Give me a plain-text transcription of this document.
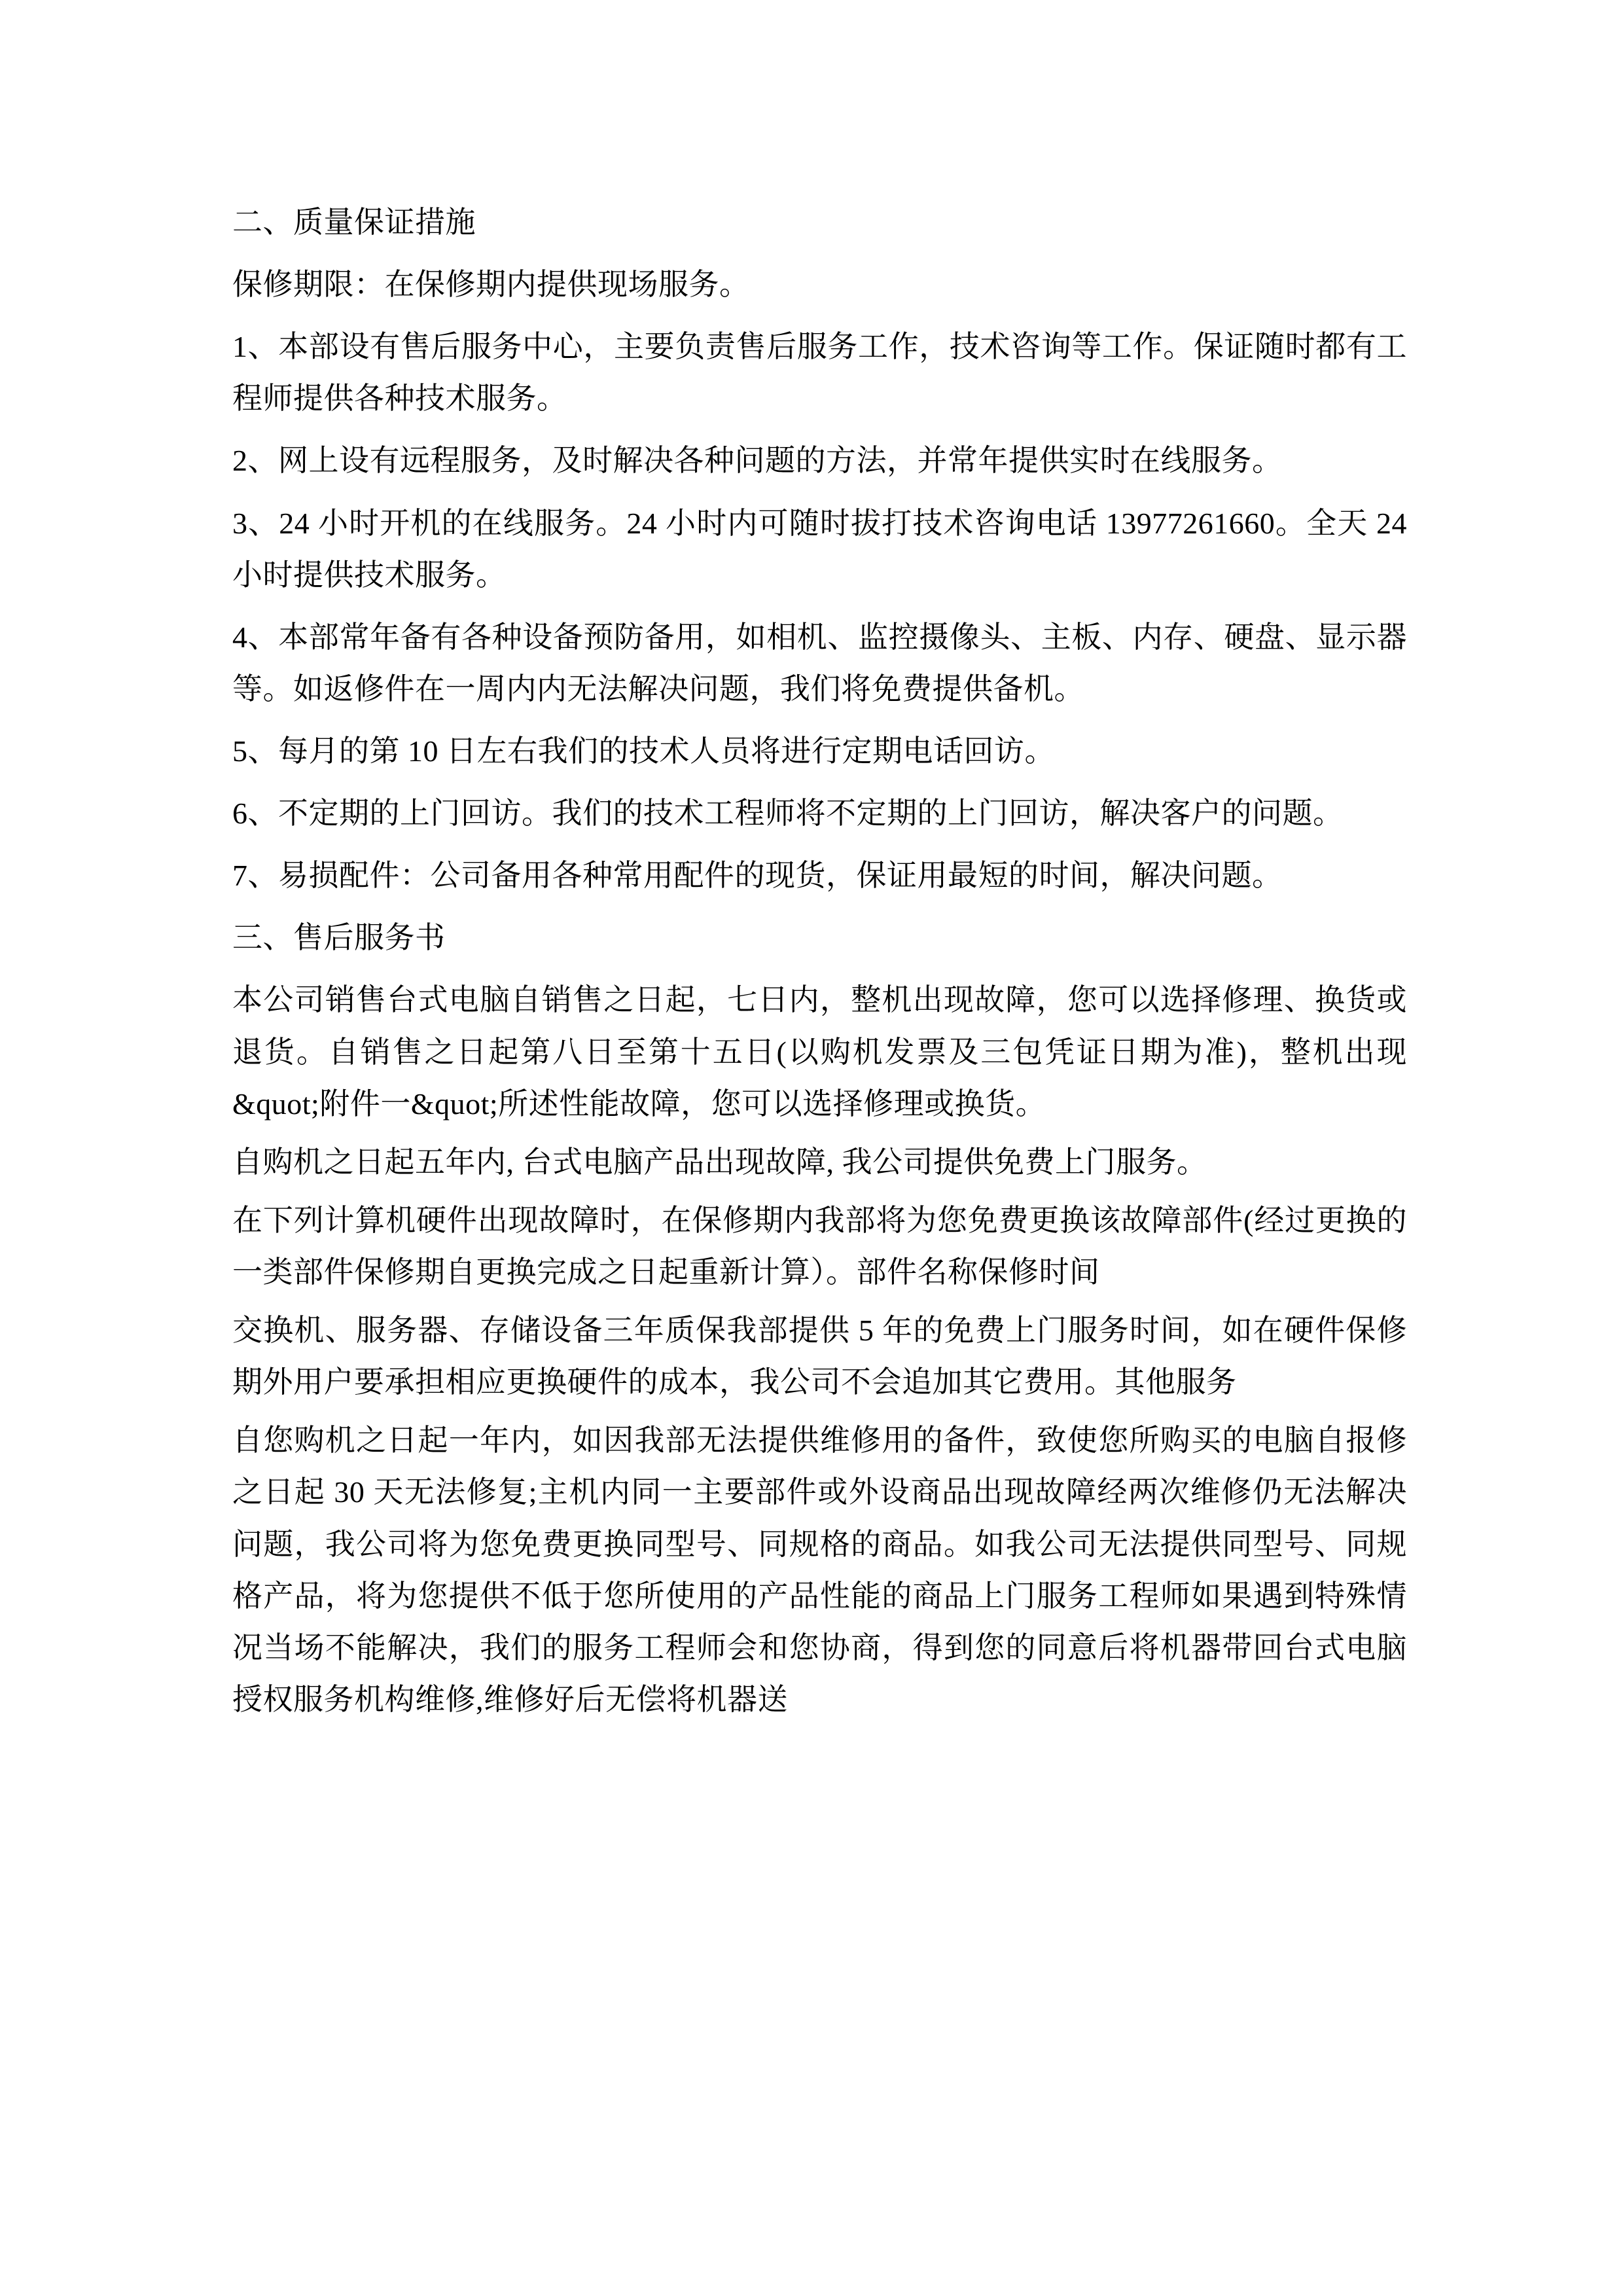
二、质量保证措施

保修期限：在保修期内提供现场服务。

1、本部设有售后服务中心，主要负责售后服务工作，技术咨询等工作。保证随时都有工程师提供各种技术服务。

2、网上设有远程服务，及时解决各种问题的方法，并常年提供实时在线服务。

3、24 小时开机的在线服务。24 小时内可随时拔打技术咨询电话 13977261660。全天 24 小时提供技术服务。

4、本部常年备有各种设备预防备用，如相机、监控摄像头、主板、内存、硬盘、显示器等。如返修件在一周内内无法解决问题，我们将免费提供备机。

5、每月的第 10 日左右我们的技术人员将进行定期电话回访。

6、不定期的上门回访。我们的技术工程师将不定期的上门回访，解决客户的问题。

7、易损配件：公司备用各种常用配件的现货，保证用最短的时间，解决问题。

三、售后服务书

本公司销售台式电脑自销售之日起，七日内，整机出现故障，您可以选择修理、换货或退货。自销售之日起第八日至第十五日(以购机发票及三包凭证日期为准)，整机出现&quot;附件一&quot;所述性能故障，您可以选择修理或换货。

自购机之日起五年内, 台式电脑产品出现故障, 我公司提供免费上门服务。

在下列计算机硬件出现故障时，在保修期内我部将为您免费更换该故障部件(经过更换的一类部件保修期自更换完成之日起重新计算）。部件名称保修时间

交换机、服务器、存储设备三年质保我部提供 5 年的免费上门服务时间，如在硬件保修期外用户要承担相应更换硬件的成本，我公司不会追加其它费用。其他服务

自您购机之日起一年内，如因我部无法提供维修用的备件，致使您所购买的电脑自报修之日起 30 天无法修复;主机内同一主要部件或外设商品出现故障经两次维修仍无法解决问题，我公司将为您免费更换同型号、同规格的商品。如我公司无法提供同型号、同规格产品，将为您提供不低于您所使用的产品性能的商品上门服务工程师如果遇到特殊情况当场不能解决，我们的服务工程师会和您协商，得到您的同意后将机器带回台式电脑授权服务机构维修,维修好后无偿将机器送
